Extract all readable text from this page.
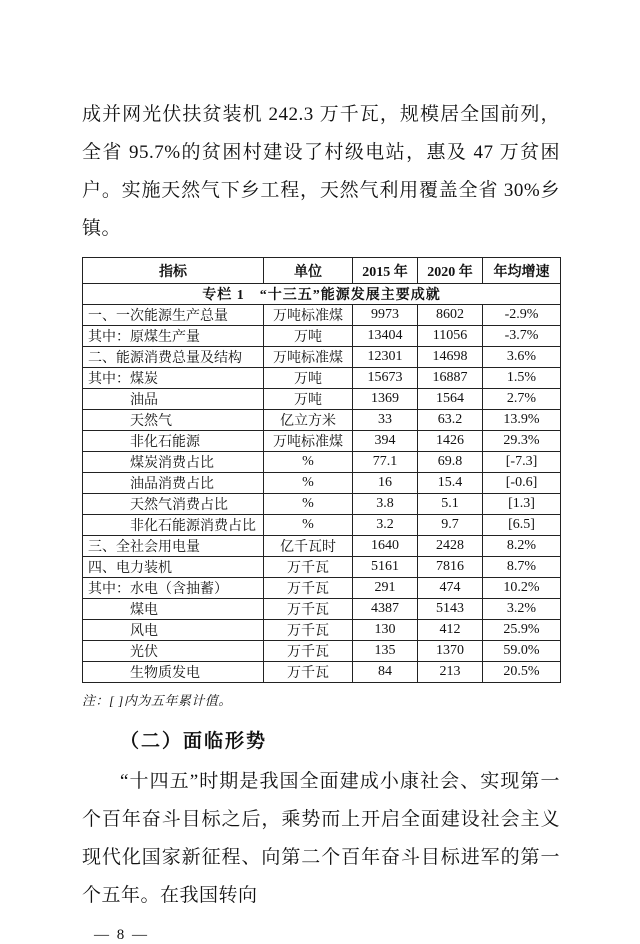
成并网光伏扶贫装机 242.3 万千瓦，规模居全国前列，全省 95.7%的贫困村建设了村级电站，惠及 47 万贫困户。实施天然气下乡工程，天然气利用覆盖全省 30%乡镇。

专栏 1　“十三五”能源发展主要成就				
指标	单位	2015 年	2020 年	年均增速
一、一次能源生产总量	万吨标准煤	9973	8602	-2.9%
其中：原煤生产量	万吨	13404	11056	-3.7%
二、能源消费总量及结构	万吨标准煤	12301	14698	3.6%
其中：煤炭	万吨	15673	16887	1.5%
油品	万吨	1369	1564	2.7%
天然气	亿立方米	33	63.2	13.9%
非化石能源	万吨标准煤	394	1426	29.3%
煤炭消费占比	%	77.1	69.8	[-7.3]
油品消费占比	%	16	15.4	[-0.6]
天然气消费占比	%	3.8	5.1	[1.3]
非化石能源消费占比	%	3.2	9.7	[6.5]
三、全社会用电量	亿千瓦时	1640	2428	8.2%
四、电力装机	万千瓦	5161	7816	8.7%
其中：水电（含抽蓄）	万千瓦	291	474	10.2%
煤电	万千瓦	4387	5143	3.2%
风电	万千瓦	130	412	25.9%
光伏	万千瓦	135	1370	59.0%
生物质发电	万千瓦	84	213	20.5%

注：[ ]内为五年累计值。

（二）面临形势

“十四五”时期是我国全面建成小康社会、实现第一个百年奋斗目标之后，乘势而上开启全面建设社会主义现代化国家新征程、向第二个百年奋斗目标进军的第一个五年。在我国转向

— 8 —
